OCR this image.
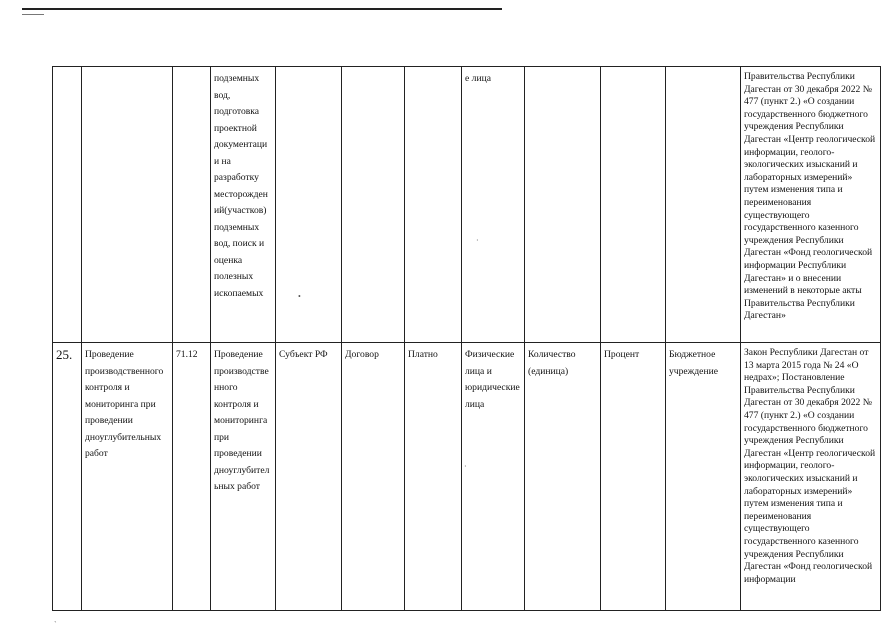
			подземных вод, подготовка проектной документации на разработку месторождений(участков) подземных вод, поиск и оценка полезных ископаемых				е лица				Правительства Республики Дагестан от 30 декабря 2022 № 477 (пункт 2.) «О создании государственного бюджетного учреждения Республики Дагестан «Центр геологической информации, геолого-экологических изысканий и лабораторных измерений» путем изменения типа и переименования существующего государственного казенного учреждения Республики Дагестан «Фонд геологической информации Республики Дагестан» и о внесении изменений в некоторые акты Правительства Республики Дагестан»
25.	Проведение производственного контроля и мониторинга при проведении дноуглубительных работ	71.12	Проведение производственного контроля и мониторинга при проведении дноуглубительных работ	Субъект РФ	Договор	Платно	Физические лица и юридические лица	Количество (единица)	Процент	Бюджетное учреждение	Закон Республики Дагестан от 13 марта 2015 года № 24 «О недрах»; Постановление Правительства Республики Дагестан от 30 декабря 2022 № 477 (пункт 2.) «О создании государственного бюджетного учреждения Республики Дагестан «Центр геологической информации, геолого-экологических изысканий и лабораторных измерений» путем изменения типа и переименования существующего государственного казенного учреждения Республики Дагестан «Фонд геологической информации
•
·
·
`
